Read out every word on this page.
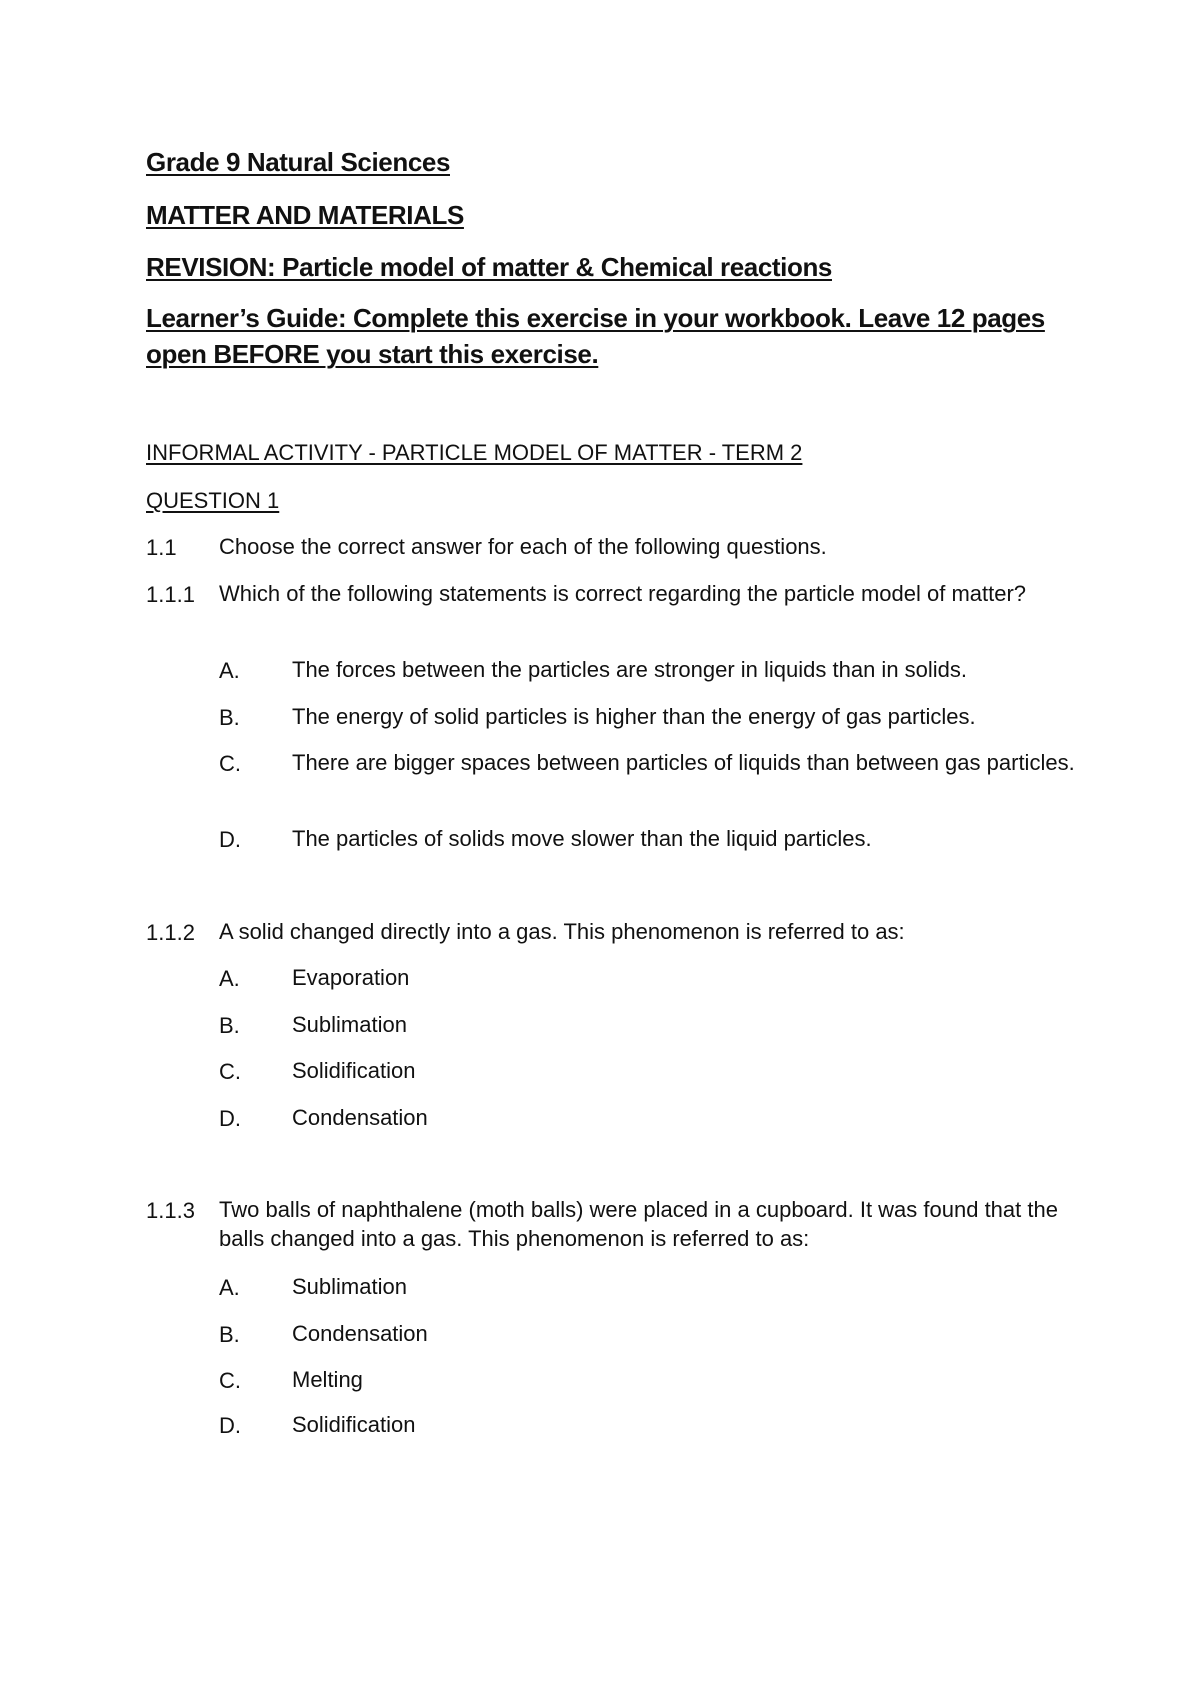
Grade 9 Natural Sciences
MATTER AND MATERIALS
REVISION: Particle model of matter & Chemical reactions
Learner’s Guide: Complete this exercise in your workbook. Leave 12 pages open BEFORE you start this exercise.
INFORMAL ACTIVITY - PARTICLE MODEL OF MATTER - TERM 2
QUESTION 1
1.1 Choose the correct answer for each of the following questions.
1.1.1 Which of the following statements is correct regarding the particle model of matter?
A. The forces between the particles are stronger in liquids than in solids.
B. The energy of solid particles is higher than the energy of gas particles.
C. There are bigger spaces between particles of liquids than between gas particles.
D. The particles of solids move slower than the liquid particles.
1.1.2 A solid changed directly into a gas. This phenomenon is referred to as:
A. Evaporation
B. Sublimation
C. Solidification
D. Condensation
1.1.3 Two balls of naphthalene (moth balls) were placed in a cupboard. It was found that the balls changed into a gas. This phenomenon is referred to as:
A. Sublimation
B. Condensation
C. Melting
D. Solidification
